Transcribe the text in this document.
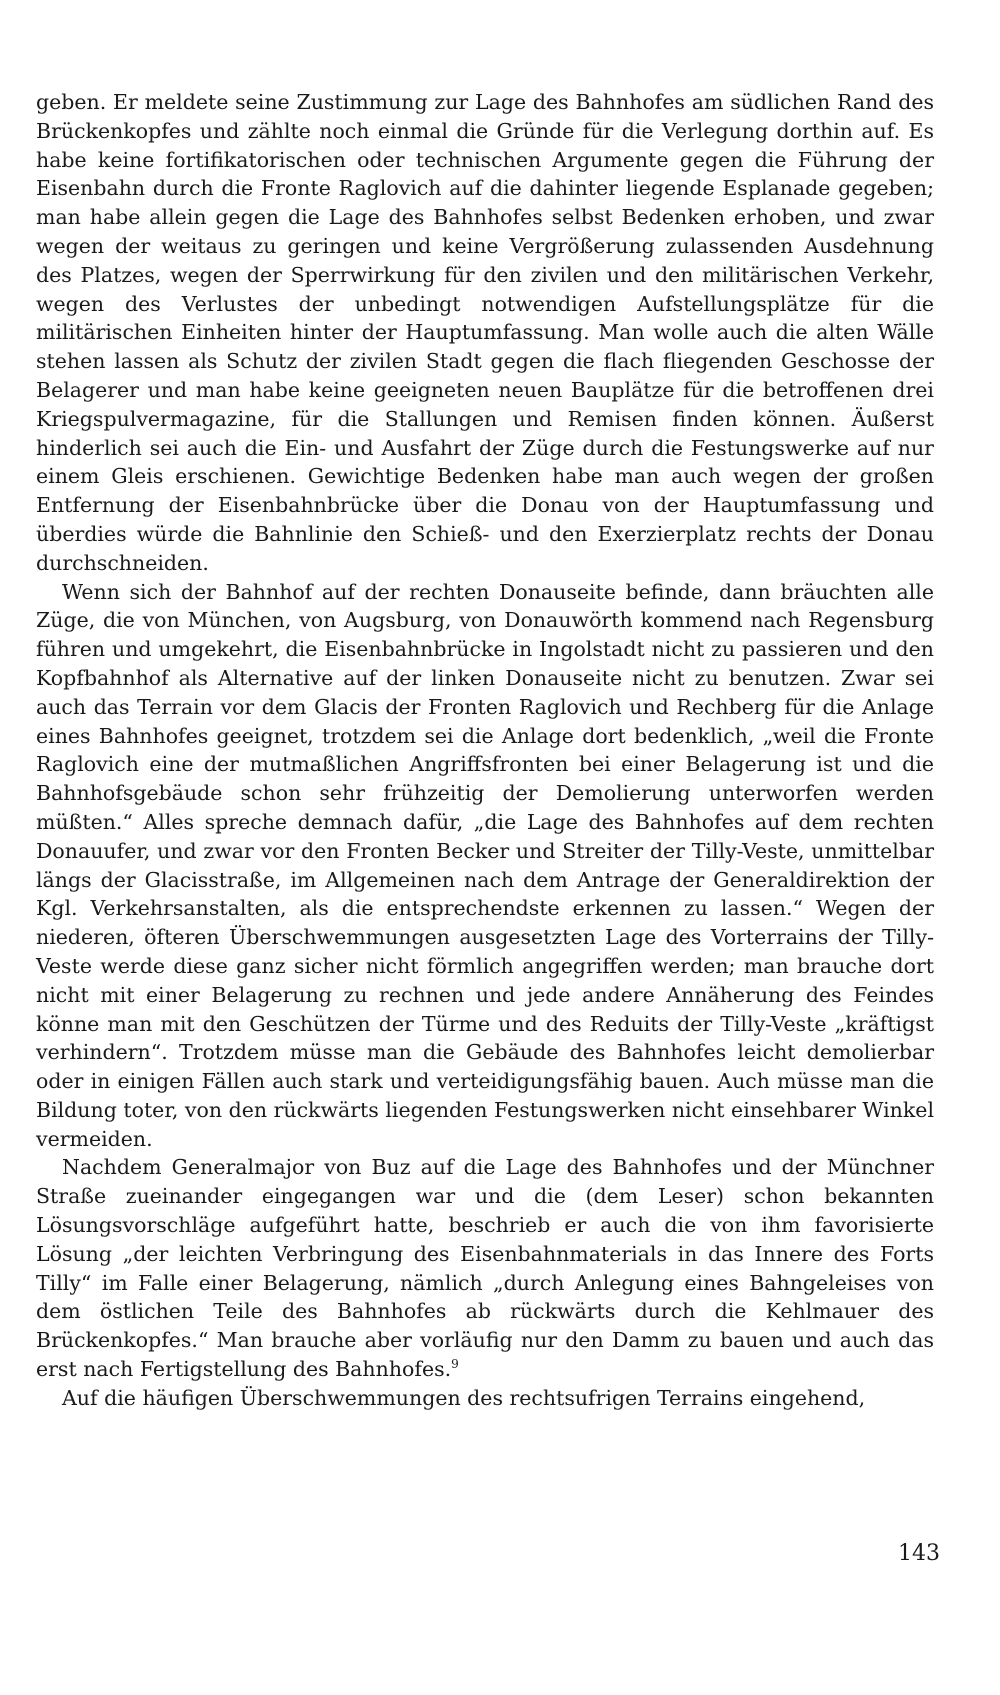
geben. Er meldete seine Zustimmung zur Lage des Bahnhofes am südlichen Rand des Brückenkopfes und zählte noch einmal die Gründe für die Verlegung dorthin auf. Es habe keine fortifikatorischen oder technischen Argumente gegen die Führung der Eisenbahn durch die Fronte Raglovich auf die dahinter liegende Esplanade gegeben; man habe allein gegen die Lage des Bahnhofes selbst Bedenken erhoben, und zwar wegen der weitaus zu geringen und keine Vergrößerung zulassenden Ausdehnung des Platzes, wegen der Sperrwirkung für den zivilen und den militärischen Verkehr, wegen des Verlustes der unbedingt notwendigen Aufstellungsplätze für die militärischen Einheiten hinter der Hauptumfassung. Man wolle auch die alten Wälle stehen lassen als Schutz der zivilen Stadt gegen die flach fliegenden Geschosse der Belagerer und man habe keine geeigneten neuen Bauplätze für die betroffenen drei Kriegspulvermagazine, für die Stallungen und Remisen finden können. Äußerst hinderlich sei auch die Ein- und Ausfahrt der Züge durch die Festungswerke auf nur einem Gleis erschienen. Gewichtige Bedenken habe man auch wegen der großen Entfernung der Eisenbahnbrücke über die Donau von der Hauptumfassung und überdies würde die Bahnlinie den Schieß- und den Exerzierplatz rechts der Donau durchschneiden.

Wenn sich der Bahnhof auf der rechten Donauseite befinde, dann bräuchten alle Züge, die von München, von Augsburg, von Donauwörth kommend nach Regensburg führen und umgekehrt, die Eisenbahnbrücke in Ingolstadt nicht zu passieren und den Kopfbahnhof als Alternative auf der linken Donauseite nicht zu benutzen. Zwar sei auch das Terrain vor dem Glacis der Fronten Raglovich und Rechberg für die Anlage eines Bahnhofes geeignet, trotzdem sei die Anlage dort bedenklich, „weil die Fronte Raglovich eine der mutmaßlichen Angriffsfronten bei einer Belagerung ist und die Bahnhofsgebäude schon sehr frühzeitig der Demolierung unterworfen werden müßten.“ Alles spreche demnach dafür, „die Lage des Bahnhofes auf dem rechten Donauufer, und zwar vor den Fronten Becker und Streiter der Tilly-Veste, unmittelbar längs der Glacisstraße, im Allgemeinen nach dem Antrage der Generaldirektion der Kgl. Verkehrsanstalten, als die entsprechendste erkennen zu lassen.“ Wegen der niederen, öfteren Überschwemmungen ausgesetzten Lage des Vorterrains der Tilly-Veste werde diese ganz sicher nicht förmlich angegriffen werden; man brauche dort nicht mit einer Belagerung zu rechnen und jede andere Annäherung des Feindes könne man mit den Geschützen der Türme und des Reduits der Tilly-Veste „kräftigst verhindern“. Trotzdem müsse man die Gebäude des Bahnhofes leicht demolierbar oder in einigen Fällen auch stark und verteidigungsfähig bauen. Auch müsse man die Bildung toter, von den rückwärts liegenden Festungswerken nicht einsehbarer Winkel vermeiden.

Nachdem Generalmajor von Buz auf die Lage des Bahnhofes und der Münchner Straße zueinander eingegangen war und die (dem Leser) schon bekannten Lösungsvorschläge aufgeführt hatte, beschrieb er auch die von ihm favorisierte Lösung „der leichten Verbringung des Eisenbahnmaterials in das Innere des Forts Tilly“ im Falle einer Belagerung, nämlich „durch Anlegung eines Bahngeleises von dem östlichen Teile des Bahnhofes ab rückwärts durch die Kehlmauer des Brückenkopfes.“ Man brauche aber vorläufig nur den Damm zu bauen und auch das erst nach Fertigstellung des Bahnhofes.$^9$

Auf die häufigen Überschwemmungen des rechtsufrigen Terrains eingehend,

143
